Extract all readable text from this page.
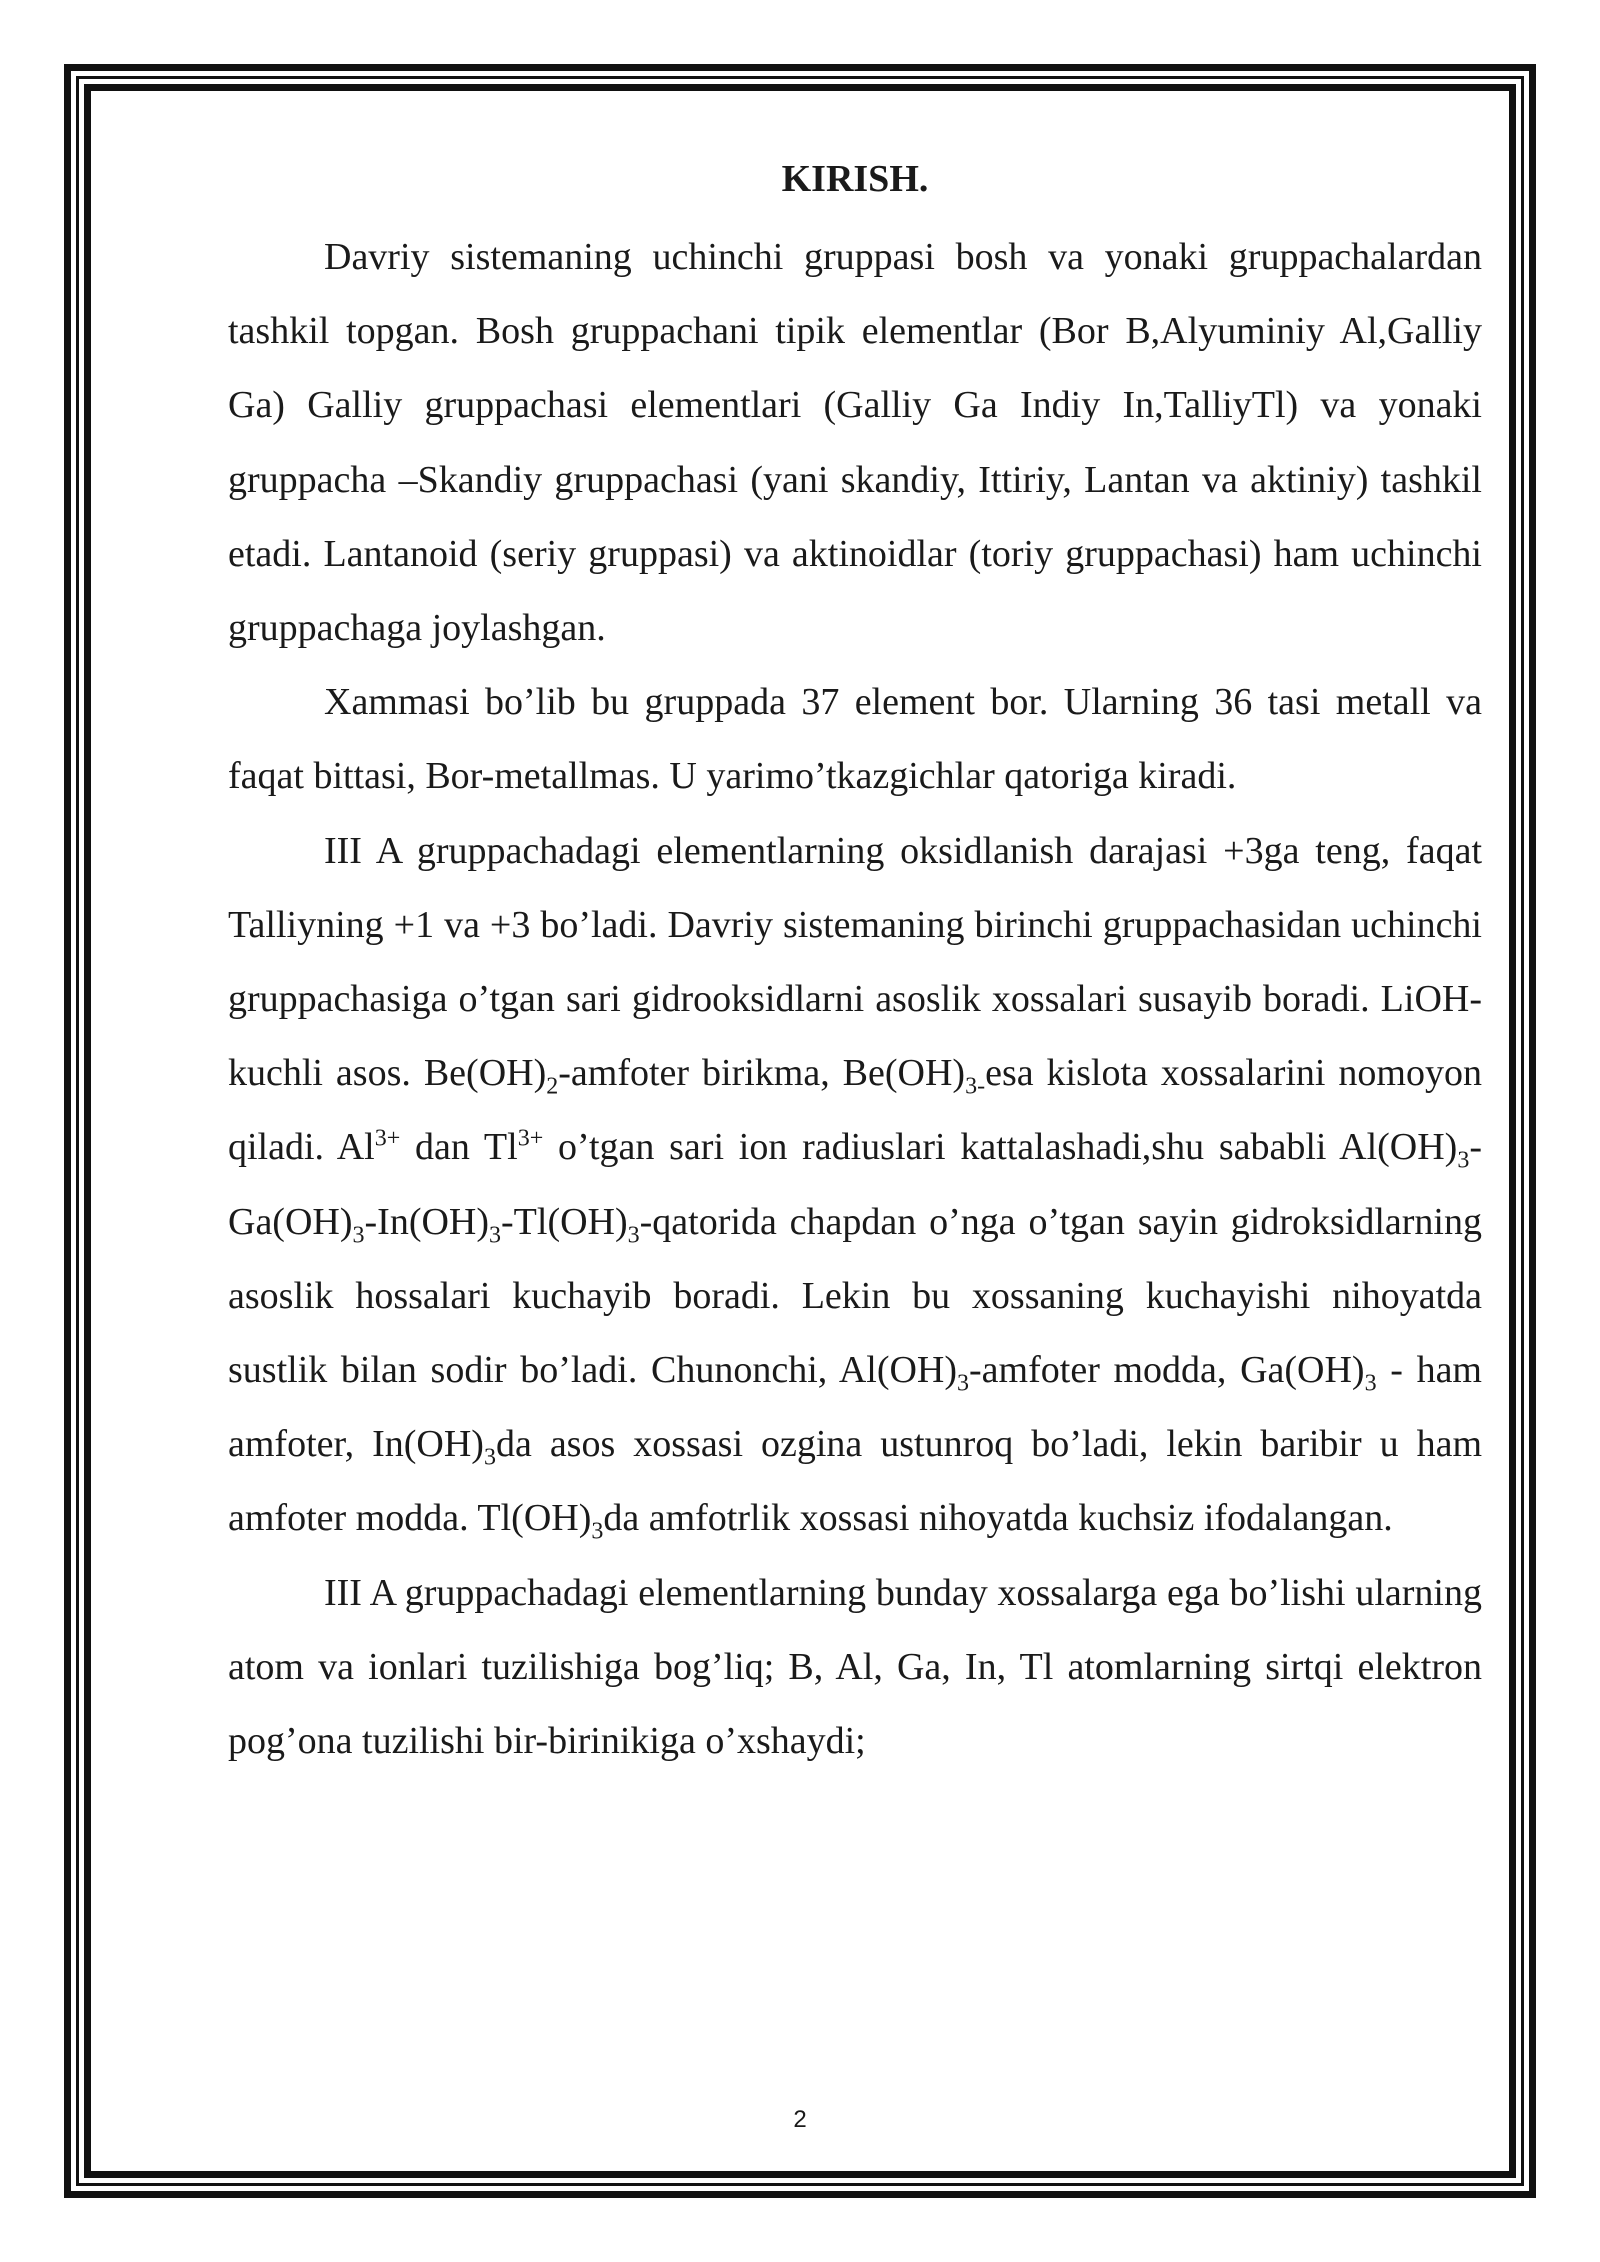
KIRISH.

Davriy sistemaning uchinchi gruppasi bosh va yonaki gruppachalardan tashkil topgan. Bosh gruppachani tipik elementlar (Bor B,Alyuminiy Al,Galliy Ga) Galliy gruppachasi elementlari (Galliy Ga Indiy In,TalliyTl) va yonaki gruppacha –Skandiy gruppachasi (yani skandiy, Ittiriy, Lantan va aktiniy) tashkil etadi. Lantanoid (seriy gruppasi) va aktinoidlar (toriy gruppachasi) ham uchinchi gruppachaga joylashgan.

Xammasi bo’lib bu gruppada 37 element bor. Ularning 36 tasi metall va faqat bittasi, Bor-metallmas. U yarimo’tkazgichlar qatoriga kiradi.

III A gruppachadagi elementlarning oksidlanish darajasi +3ga teng, faqat Talliyning +1 va +3 bo’ladi. Davriy sistemaning birinchi gruppachasidan uchinchi gruppachasiga o’tgan sari gidrooksidlarni asoslik xossalari susayib boradi. LiOH- kuchli asos. $Be(OH)_2$-amfoter birikma, $Be(OH)_{3-}esa$ kislota xossalarini nomoyon qiladi. $Al^{3+}$ dan $Tl^{3+}$ o’tgan sari ion radiuslari kattalashadi,shu sababli $Al(OH)_3-$ $Ga(OH)_3-In(OH)_3-Tl(OH)_3$-qatorida chapdan o’nga o’tgan sayin gidroksidlarning asoslik hossalari kuchayib boradi. Lekin bu xossaning kuchayishi nihoyatda sustlik bilan sodir bo’ladi. Chunonchi, $Al(OH)_3$-amfoter modda, $Ga(OH)_3$ - ham amfoter, $In(OH)_3da$ asos xossasi ozgina ustunroq bo’ladi, lekin baribir u ham amfoter modda. $Tl(OH)_3da$ amfotrlik xossasi nihoyatda kuchsiz ifodalangan.

III A gruppachadagi elementlarning bunday xossalarga ega bo’lishi ularning atom va ionlari tuzilishiga bog’liq; B, Al, Ga, In, Tl atomlarning sirtqi elektron pog’ona tuzilishi bir-birinikiga o’xshaydi;

2
